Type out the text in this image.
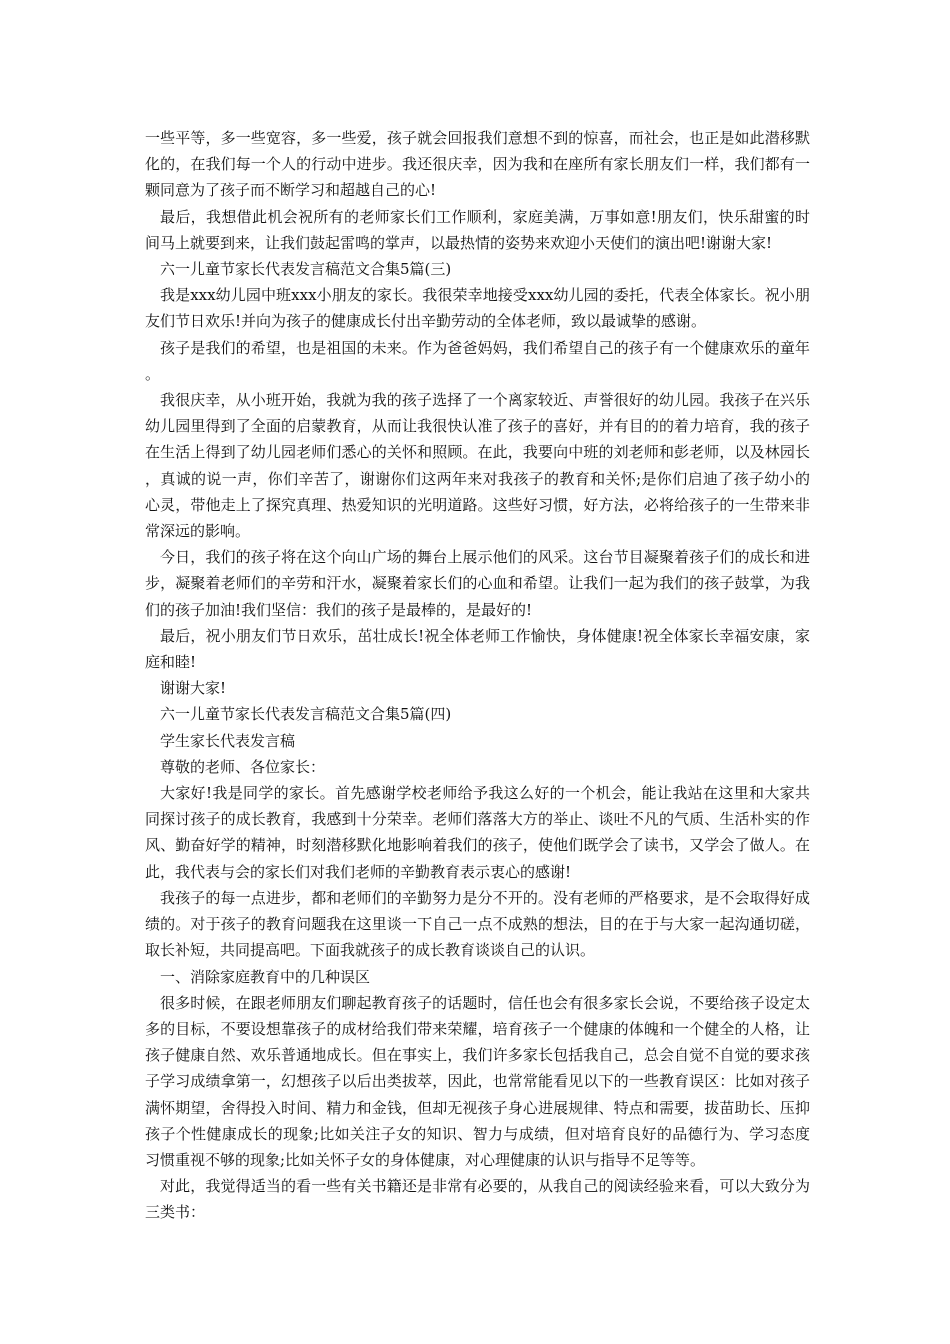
一些平等，多一些宽容，多一些爱，孩子就会回报我们意想不到的惊喜，而社会，也正是如此潜移默化的，在我们每一个人的行动中进步。我还很庆幸，因为我和在座所有家长朋友们一样，我们都有一颗同意为了孩子而不断学习和超越自己的心!

最后，我想借此机会祝所有的老师家长们工作顺利，家庭美满，万事如意!朋友们，快乐甜蜜的时间马上就要到来，让我们鼓起雷鸣的掌声，以最热情的姿势来欢迎小天使们的演出吧!谢谢大家!

六一儿童节家长代表发言稿范文合集5篇(三)

我是xxx幼儿园中班xxx小朋友的家长。我很荣幸地接受xxx幼儿园的委托，代表全体家长。祝小朋友们节日欢乐!并向为孩子的健康成长付出辛勤劳动的全体老师，致以最诚挚的感谢。

孩子是我们的希望，也是祖国的未来。作为爸爸妈妈，我们希望自己的孩子有一个健康欢乐的童年。

我很庆幸，从小班开始，我就为我的孩子选择了一个离家较近、声誉很好的幼儿园。我孩子在兴乐幼儿园里得到了全面的启蒙教育，从而让我很快认准了孩子的喜好，并有目的的着力培育，我的孩子在生活上得到了幼儿园老师们悉心的关怀和照顾。在此，我要向中班的刘老师和彭老师，以及林园长，真诚的说一声，你们辛苦了，谢谢你们这两年来对我孩子的教育和关怀;是你们启迪了孩子幼小的心灵，带他走上了探究真理、热爱知识的光明道路。这些好习惯，好方法，必将给孩子的一生带来非常深远的影响。

今日，我们的孩子将在这个向山广场的舞台上展示他们的风采。这台节目凝聚着孩子们的成长和进步，凝聚着老师们的辛劳和汗水，凝聚着家长们的心血和希望。让我们一起为我们的孩子鼓掌，为我们的孩子加油!我们坚信：我们的孩子是最棒的，是最好的!

最后，祝小朋友们节日欢乐，茁壮成长!祝全体老师工作愉快，身体健康!祝全体家长幸福安康，家庭和睦!

谢谢大家!

六一儿童节家长代表发言稿范文合集5篇(四)

学生家长代表发言稿

尊敬的老师、各位家长：

大家好!我是同学的家长。首先感谢学校老师给予我这么好的一个机会，能让我站在这里和大家共同探讨孩子的成长教育，我感到十分荣幸。老师们落落大方的举止、谈吐不凡的气质、生活朴实的作风、勤奋好学的精神，时刻潜移默化地影响着我们的孩子，使他们既学会了读书，又学会了做人。在此，我代表与会的家长们对我们老师的辛勤教育表示衷心的感谢!

我孩子的每一点进步，都和老师们的辛勤努力是分不开的。没有老师的严格要求，是不会取得好成绩的。对于孩子的教育问题我在这里谈一下自己一点不成熟的想法，目的在于与大家一起沟通切磋，取长补短，共同提高吧。下面我就孩子的成长教育谈谈自己的认识。

一、消除家庭教育中的几种误区

很多时候，在跟老师朋友们聊起教育孩子的话题时，信任也会有很多家长会说，不要给孩子设定太多的目标，不要设想靠孩子的成材给我们带来荣耀，培育孩子一个健康的体魄和一个健全的人格，让孩子健康自然、欢乐普通地成长。但在事实上，我们许多家长包括我自己，总会自觉不自觉的要求孩子学习成绩拿第一，幻想孩子以后出类拔萃，因此，也常常能看见以下的一些教育误区：比如对孩子满怀期望，舍得投入时间、精力和金钱，但却无视孩子身心进展规律、特点和需要，拔苗助长、压抑孩子个性健康成长的现象;比如关注子女的知识、智力与成绩，但对培育良好的品德行为、学习态度习惯重视不够的现象;比如关怀子女的身体健康，对心理健康的认识与指导不足等等。

对此，我觉得适当的看一些有关书籍还是非常有必要的，从我自己的阅读经验来看，可以大致分为三类书：
